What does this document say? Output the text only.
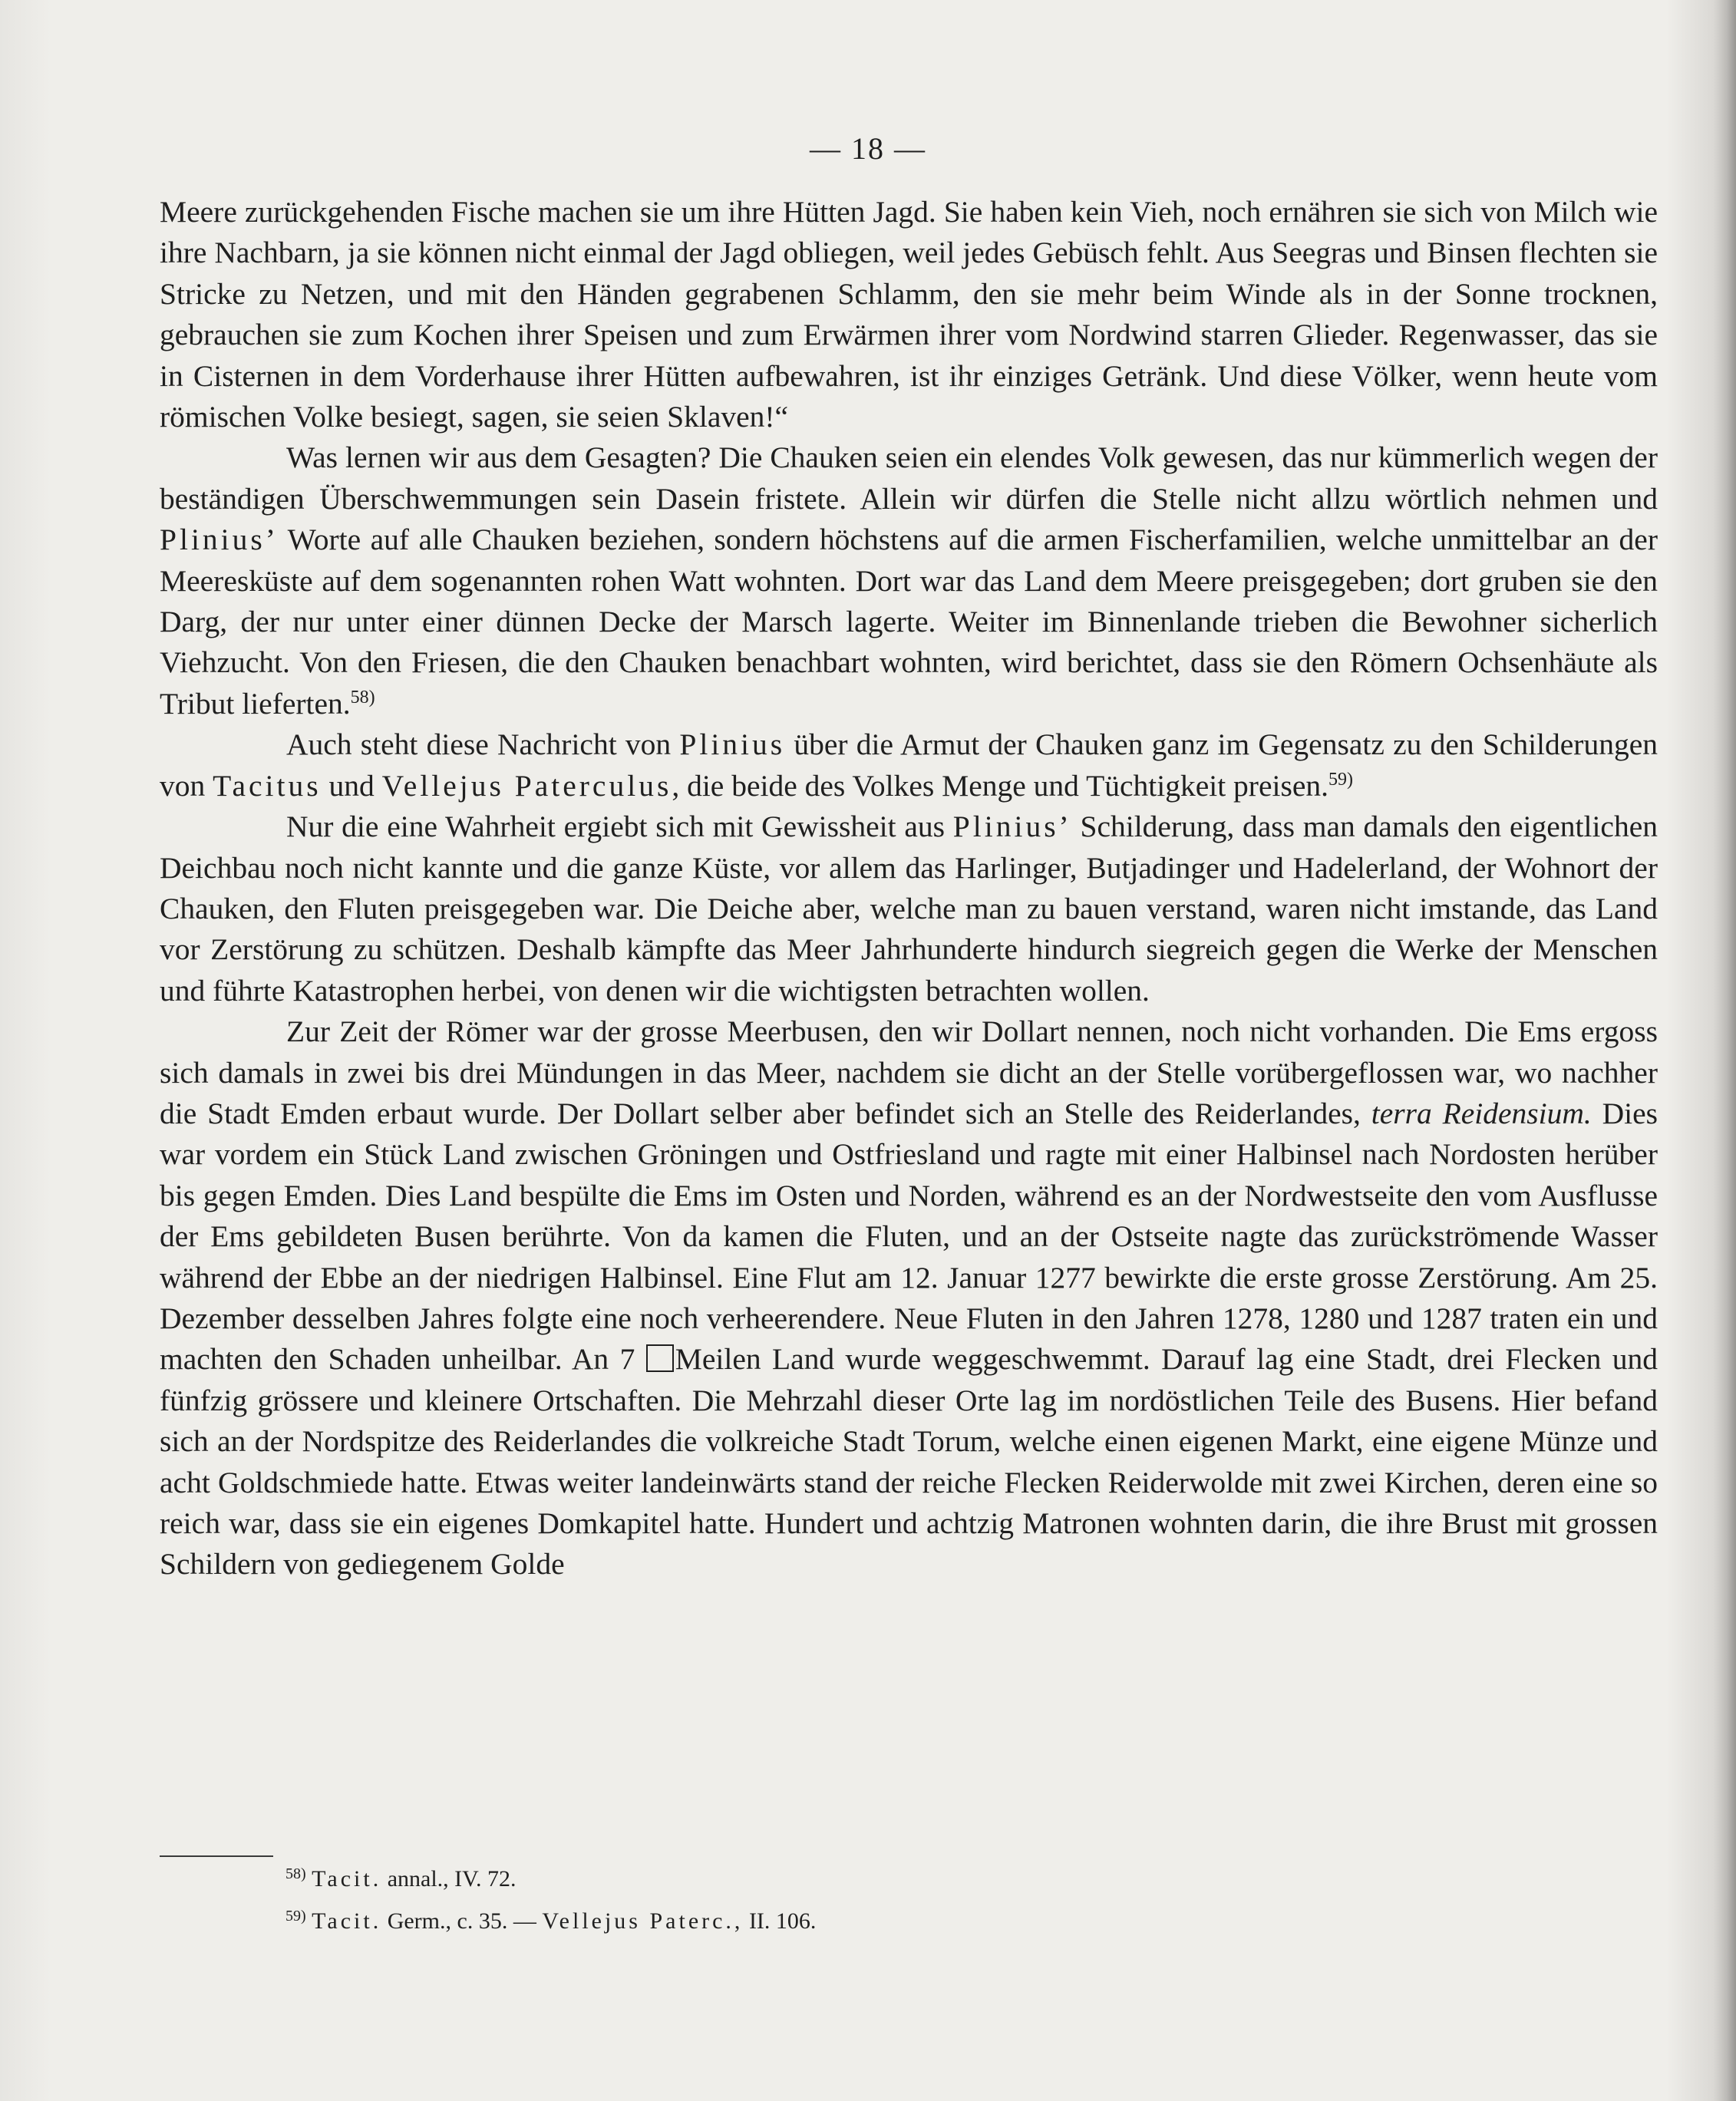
— 18 —

Meere zurückgehenden Fische machen sie um ihre Hütten Jagd. Sie haben kein Vieh, noch ernähren sie sich von Milch wie ihre Nachbarn, ja sie können nicht einmal der Jagd obliegen, weil jedes Gebüsch fehlt. Aus Seegras und Binsen flechten sie Stricke zu Netzen, und mit den Händen gegrabenen Schlamm, den sie mehr beim Winde als in der Sonne trocknen, gebrauchen sie zum Kochen ihrer Speisen und zum Erwärmen ihrer vom Nordwind starren Glieder. Regenwasser, das sie in Cisternen in dem Vorderhause ihrer Hütten aufbewahren, ist ihr einziges Getränk. Und diese Völker, wenn heute vom römischen Volke besiegt, sagen, sie seien Sklaven!“

Was lernen wir aus dem Gesagten? Die Chauken seien ein elendes Volk gewesen, das nur kümmerlich wegen der beständigen Überschwemmungen sein Dasein fristete. Allein wir dürfen die Stelle nicht allzu wörtlich nehmen und Plinius’ Worte auf alle Chauken beziehen, sondern höchstens auf die armen Fischerfamilien, welche unmittelbar an der Meeresküste auf dem sogenannten rohen Watt wohnten. Dort war das Land dem Meere preisgegeben; dort gruben sie den Darg, der nur unter einer dünnen Decke der Marsch lagerte. Weiter im Binnenlande trieben die Bewohner sicherlich Viehzucht. Von den Friesen, die den Chauken benachbart wohnten, wird berichtet, dass sie den Römern Ochsenhäute als Tribut lieferten.$^{58)}$

Auch steht diese Nachricht von Plinius über die Armut der Chauken ganz im Gegensatz zu den Schilderungen von Tacitus und Vellejus Paterculus, die beide des Volkes Menge und Tüchtigkeit preisen.$^{59)}$

Nur die eine Wahrheit ergiebt sich mit Gewissheit aus Plinius’ Schilderung, dass man damals den eigentlichen Deichbau noch nicht kannte und die ganze Küste, vor allem das Harlinger, Butjadinger und Hadelerland, der Wohnort der Chauken, den Fluten preisgegeben war. Die Deiche aber, welche man zu bauen verstand, waren nicht imstande, das Land vor Zerstörung zu schützen. Deshalb kämpfte das Meer Jahrhunderte hindurch siegreich gegen die Werke der Menschen und führte Katastrophen herbei, von denen wir die wichtigsten betrachten wollen.

Zur Zeit der Römer war der grosse Meerbusen, den wir Dollart nennen, noch nicht vorhanden. Die Ems ergoss sich damals in zwei bis drei Mündungen in das Meer, nachdem sie dicht an der Stelle vorübergeflossen war, wo nachher die Stadt Emden erbaut wurde. Der Dollart selber aber befindet sich an Stelle des Reiderlandes, terra Reidensium. Dies war vordem ein Stück Land zwischen Gröningen und Ostfriesland und ragte mit einer Halbinsel nach Nordosten herüber bis gegen Emden. Dies Land bespülte die Ems im Osten und Norden, während es an der Nordwestseite den vom Ausflusse der Ems gebildeten Busen berührte. Von da kamen die Fluten, und an der Ostseite nagte das zurückströmende Wasser während der Ebbe an der niedrigen Halbinsel. Eine Flut am 12. Januar 1277 bewirkte die erste grosse Zerstörung. Am 25. Dezember desselben Jahres folgte eine noch verheerendere. Neue Fluten in den Jahren 1278, 1280 und 1287 traten ein und machten den Schaden unheilbar. An 7 Meilen Land wurde weggeschwemmt. Darauf lag eine Stadt, drei Flecken und fünfzig grössere und kleinere Ortschaften. Die Mehrzahl dieser Orte lag im nordöstlichen Teile des Busens. Hier befand sich an der Nordspitze des Reiderlandes die volkreiche Stadt Torum, welche einen eigenen Markt, eine eigene Münze und acht Goldschmiede hatte. Etwas weiter landeinwärts stand der reiche Flecken Reiderwolde mit zwei Kirchen, deren eine so reich war, dass sie ein eigenes Domkapitel hatte. Hundert und achtzig Matronen wohnten darin, die ihre Brust mit grossen Schildern von gediegenem Golde

$^{58)}$ Tacit. annal., IV. 72.

$^{59)}$ Tacit. Germ., c. 35. — Vellejus Paterc., II. 106.
